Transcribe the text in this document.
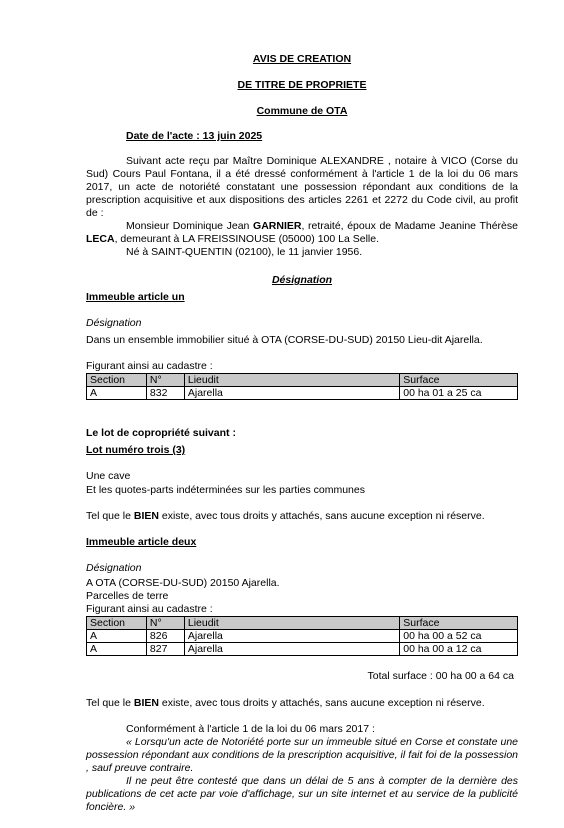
AVIS DE CREATION
DE TITRE DE PROPRIETE
Commune de OTA
Date de l'acte : 13 juin 2025
Suivant acte reçu par Maître Dominique ALEXANDRE , notaire à VICO (Corse du Sud) Cours Paul Fontana, il a été dressé conformément à l'article 1 de la loi du 06 mars 2017, un acte de notoriété constatant une possession répondant aux conditions de la prescription acquisitive et aux dispositions des articles 2261 et 2272 du Code civil, au profit de :
Monsieur Dominique Jean GARNIER, retraité, époux de Madame Jeanine Thérèse LECA, demeurant à LA FREISSINOUSE (05000) 100 La Selle.
Né à SAINT-QUENTIN (02100), le 11 janvier 1956.
Désignation
Immeuble article un
Désignation
Dans un ensemble immobilier situé à OTA (CORSE-DU-SUD) 20150 Lieu-dit Ajarella.
Figurant ainsi au cadastre :
Section	N°	Lieudit	Surface
A	832	Ajarella	00 ha 01 a 25 ca
Le lot de copropriété suivant :
Lot numéro trois (3)
Une cave
Et les quotes-parts indéterminées sur les parties communes
Tel que le BIEN existe, avec tous droits y attachés, sans aucune exception ni réserve.
Immeuble article deux
Désignation
A OTA (CORSE-DU-SUD) 20150 Ajarella.
Parcelles de terre
Figurant ainsi au cadastre :
Section	N°	Lieudit	Surface
A	826	Ajarella	00 ha 00 a 52 ca
A	827	Ajarella	00 ha 00 a 12 ca
Total surface : 00 ha 00 a 64 ca
Tel que le BIEN existe, avec tous droits y attachés, sans aucune exception ni réserve.
Conformément à l'article 1 de la loi du 06 mars 2017 :
« Lorsqu'un acte de Notoriété porte sur un immeuble situé en Corse et constate une possession répondant aux conditions de la prescription acquisitive, il fait foi de la possession , sauf preuve contraire.
Il ne peut être contesté que dans un délai de 5 ans à compter de la dernière des publications de cet acte par voie d'affichage, sur un site internet et au service de la publicité foncière. »
